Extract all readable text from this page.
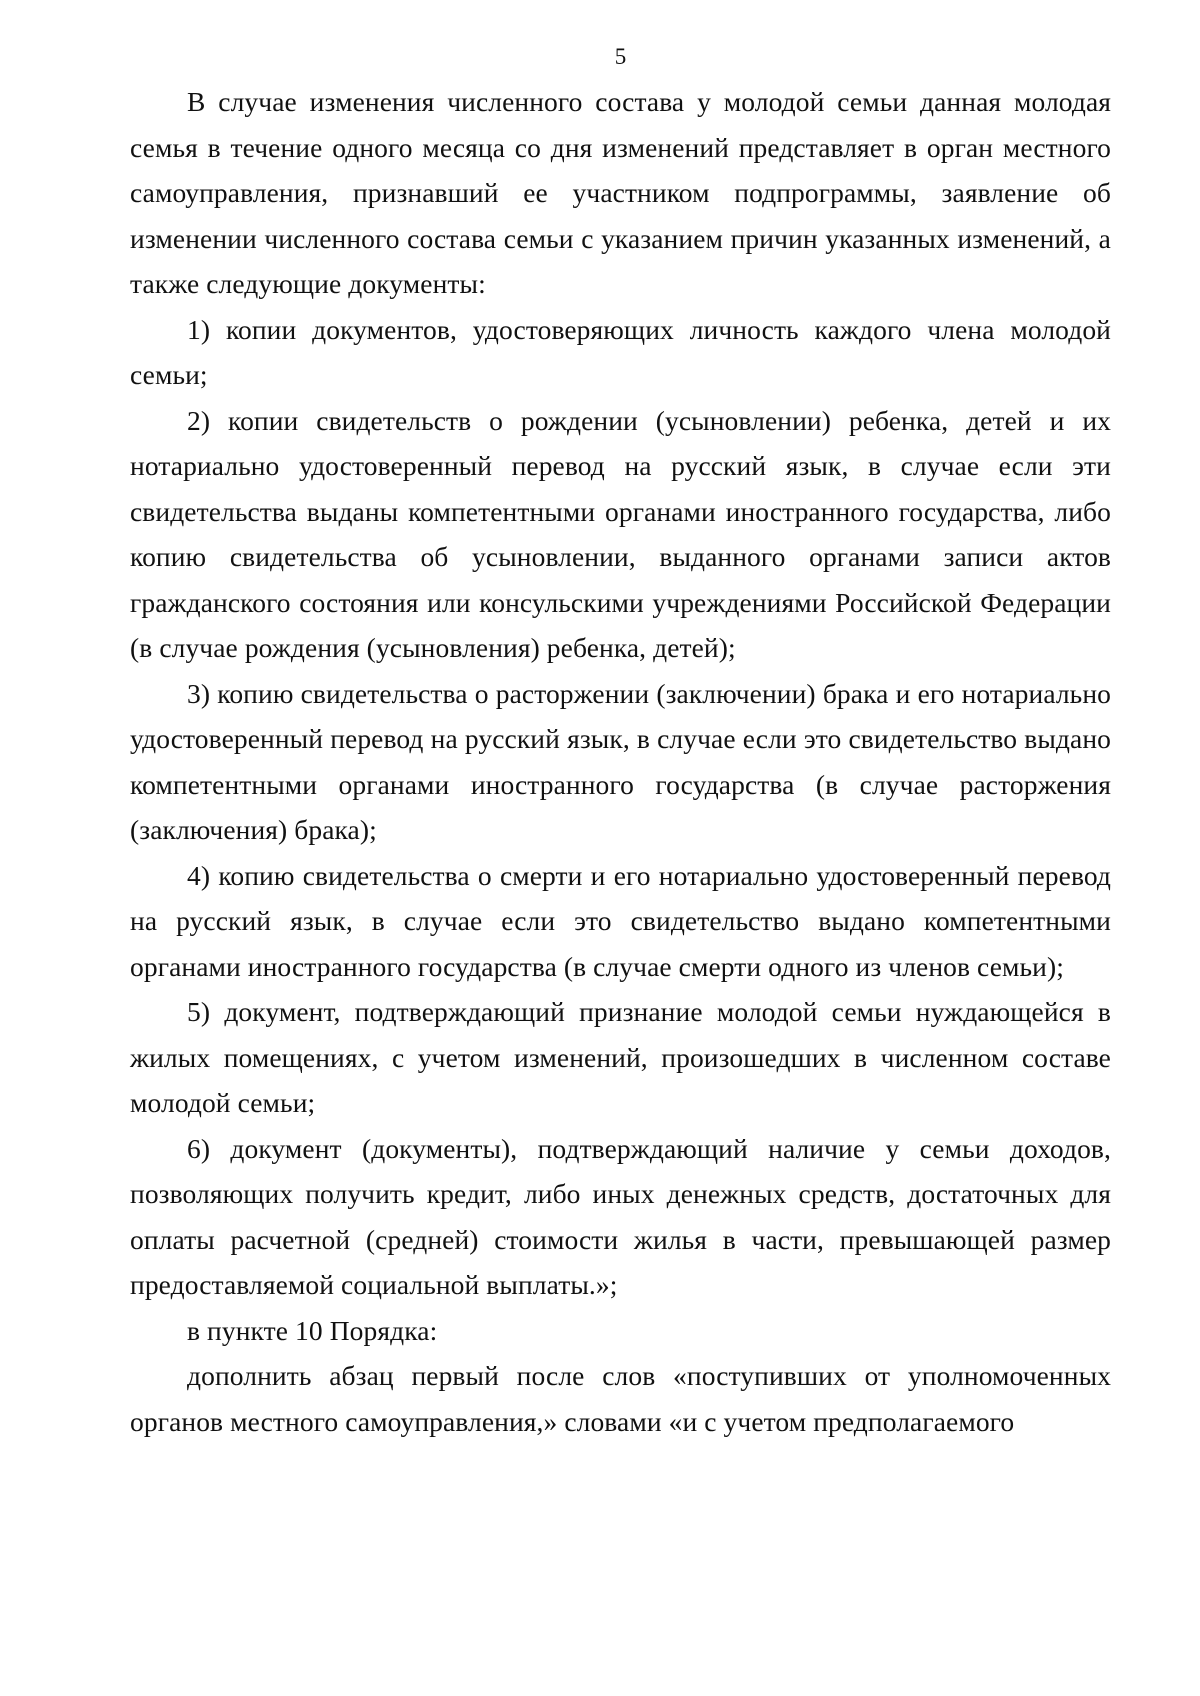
5

В случае изменения численного состава у молодой семьи данная молодая семья в течение одного месяца со дня изменений представляет в орган местного самоуправления, признавший ее участником подпрограммы, заявление об изменении численного состава семьи с указанием причин указанных изменений, а также следующие документы:

1) копии документов, удостоверяющих личность каждого члена молодой семьи;

2) копии свидетельств о рождении (усыновлении) ребенка, детей и их нотариально удостоверенный перевод на русский язык, в случае если эти свидетельства выданы компетентными органами иностранного государства, либо копию свидетельства об усыновлении, выданного органами записи актов гражданского состояния или консульскими учреждениями Российской Федерации (в случае рождения (усыновления) ребенка, детей);

3) копию свидетельства о расторжении (заключении) брака и его нотариально удостоверенный перевод на русский язык, в случае если это свидетельство выдано компетентными органами иностранного государства (в случае расторжения (заключения) брака);

4) копию свидетельства о смерти и его нотариально удостоверенный перевод на русский язык, в случае если это свидетельство выдано компетентными органами иностранного государства (в случае смерти одного из членов семьи);

5) документ, подтверждающий признание молодой семьи нуждающейся в жилых помещениях, с учетом изменений, произошедших в численном составе молодой семьи;

6) документ (документы), подтверждающий наличие у семьи доходов, позволяющих получить кредит, либо иных денежных средств, достаточных для оплаты расчетной (средней) стоимости жилья в части, превышающей размер предоставляемой социальной выплаты.»;

в пункте 10 Порядка:

дополнить абзац первый после слов «поступивших от уполномоченных органов местного самоуправления,» словами «и с учетом предполагаемого
